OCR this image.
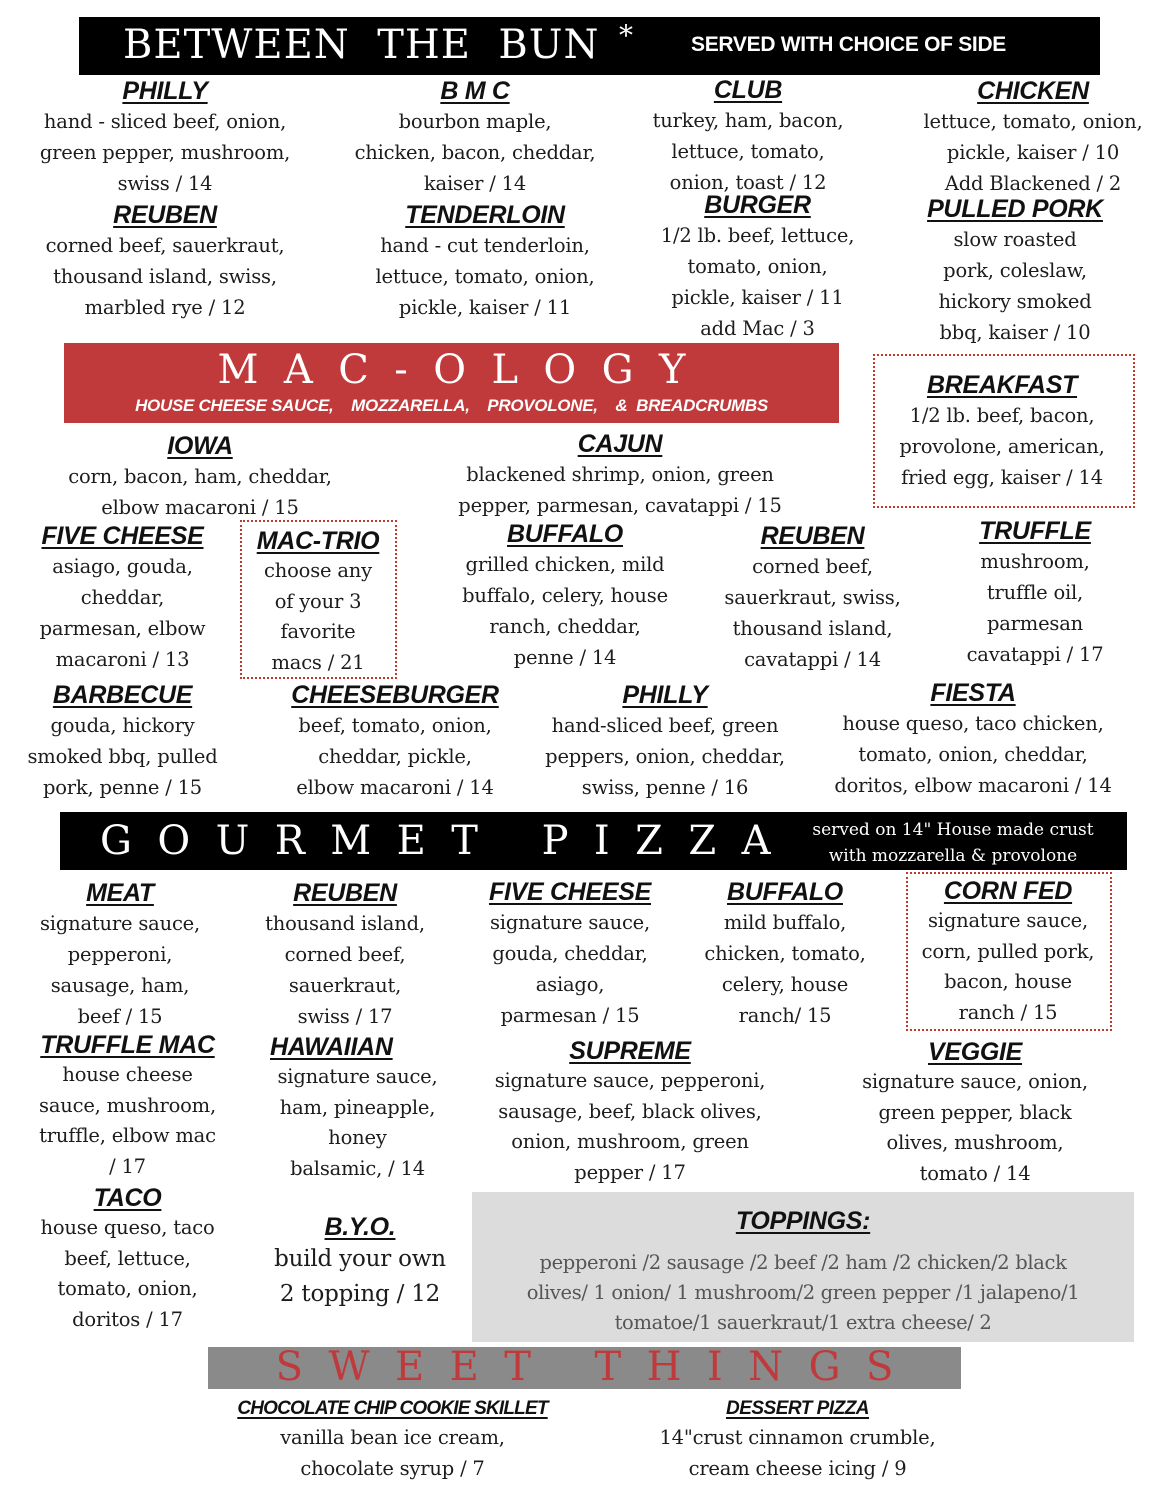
BETWEEN  THE  BUN *	SERVED WITH CHOICE OF SIDE
PHILLY
hand - sliced beef, onion,
green pepper, mushroom,
swiss / 14
B M C
bourbon maple,
chicken, bacon, cheddar,
kaiser / 14
CLUB
turkey, ham, bacon,
lettuce, tomato,
onion, toast / 12
CHICKEN
lettuce, tomato, onion,
pickle, kaiser / 10
Add Blackened / 2
REUBEN
corned beef, sauerkraut,
thousand island, swiss,
marbled rye / 12
TENDERLOIN
hand - cut tenderloin,
lettuce, tomato, onion,
pickle, kaiser / 11
BURGER
1/2 lb. beef, lettuce,
tomato, onion,
pickle, kaiser / 11
add Mac / 3
PULLED PORK
slow roasted
pork, coleslaw,
hickory smoked
bbq, kaiser / 10
BREAKFAST
1/2 lb. beef, bacon,
provolone, american,
fried egg, kaiser / 14
M  A  C  -  O  L  O  G  Y
HOUSE CHEESE SAUCE,    MOZZARELLA,    PROVOLONE,    &  BREADCRUMBS
IOWA
corn, bacon, ham, cheddar,
elbow macaroni / 15
CAJUN
blackened shrimp, onion, green
pepper, parmesan, cavatappi / 15
FIVE CHEESE
asiago, gouda,
cheddar,
parmesan, elbow
macaroni / 13
MAC-TRIO
choose any
of your 3
favorite
macs / 21
BUFFALO
grilled chicken, mild
buffalo, celery, house
ranch, cheddar,
penne / 14
REUBEN
corned beef,
sauerkraut, swiss,
thousand island,
cavatappi / 14
TRUFFLE
mushroom,
truffle oil,
parmesan
cavatappi / 17
BARBECUE
gouda, hickory
smoked bbq, pulled
pork, penne / 15
CHEESEBURGER
beef, tomato, onion,
cheddar, pickle,
elbow macaroni / 14
PHILLY
hand-sliced beef, green
peppers, onion, cheddar,
swiss, penne / 16
FIESTA
house queso, taco chicken,
tomato, onion, cheddar,
doritos, elbow macaroni / 14
G  O  U  R  M  E  T     P  I  Z  Z  A	served on 14" House made crust
with mozzarella & provolone
MEAT
signature sauce,
pepperoni,
sausage, ham,
beef / 15
REUBEN
thousand island,
corned beef,
sauerkraut,
swiss / 17
FIVE CHEESE
signature sauce,
gouda, cheddar,
asiago,
parmesan / 15
BUFFALO
mild buffalo,
chicken, tomato,
celery, house
ranch/ 15
CORN FED
signature sauce,
corn, pulled pork,
bacon, house
ranch / 15
TRUFFLE MAC
house cheese
sauce, mushroom,
truffle, elbow mac
/ 17
HAWAIIAN
signature sauce,
ham, pineapple,
honey
balsamic, / 14
SUPREME
signature sauce, pepperoni,
sausage, beef, black olives,
onion, mushroom, green
pepper / 17
VEGGIE
signature sauce, onion,
green pepper, black
olives, mushroom,
tomato / 14
TACO
house queso, taco
beef, lettuce,
tomato, onion,
doritos / 17
B.Y.O.
build your own
2 topping / 12
TOPPINGS:
pepperoni /2 sausage /2 beef /2 ham /2 chicken/2 black
olives/ 1 onion/ 1 mushroom/2 green pepper /1 jalapeno/1
tomatoe/1 sauerkraut/1 extra cheese/ 2
S  W  E  E  T     T  H  I  N  G  S
CHOCOLATE CHIP COOKIE SKILLET
vanilla bean ice cream,
chocolate syrup / 7
DESSERT PIZZA
14"crust cinnamon crumble,
cream cheese icing / 9
